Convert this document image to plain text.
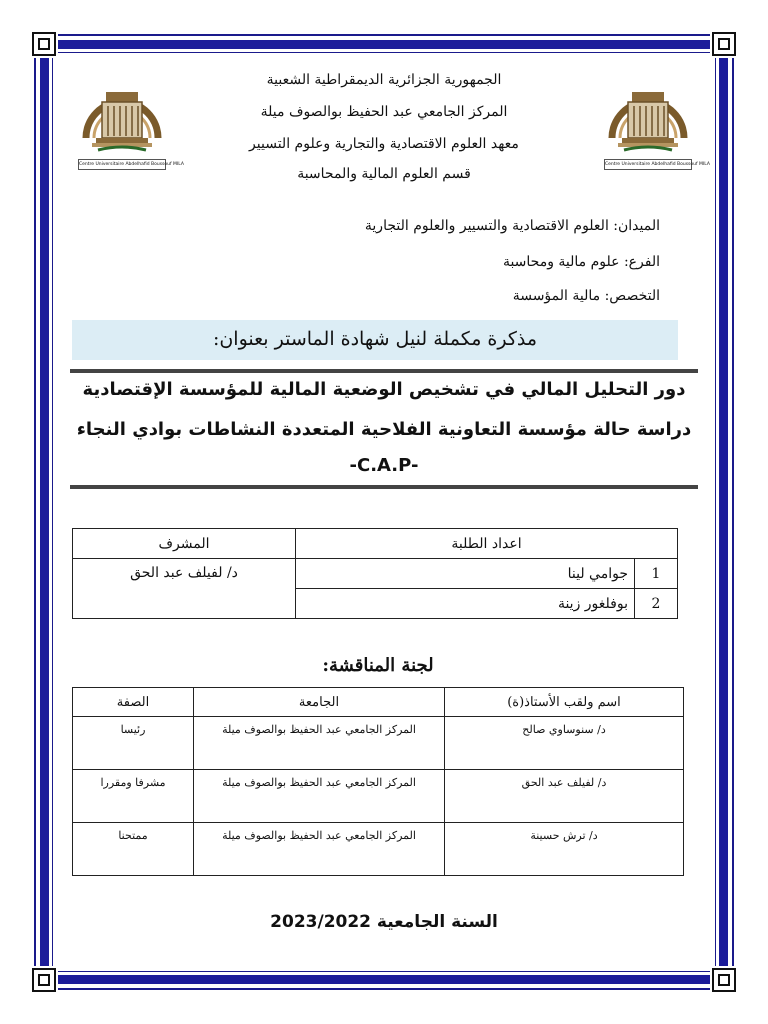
Centre Universitaire Abdelhafid Boussouf MILA	Centre Universitaire Abdelhafid Boussouf MILA
الجمهورية الجزائرية الديمقراطية الشعبية
المركز الجامعي عبد الحفيظ بوالصوف ميلة
معهد العلوم الاقتصادية والتجارية وعلوم التسيير
قسم العلوم المالية والمحاسبة
الميدان: العلوم الاقتصادية والتسيير والعلوم التجارية
الفرع: علوم مالية ومحاسبة
التخصص: مالية المؤسسة
مذكرة مكملة لنيل شهادة الماستر بعنوان:
دور التحليل المالي في تشخيص الوضعية المالية للمؤسسة الإقتصادية
دراسة حالة مؤسسة التعاونية الفلاحية المتعددة النشاطات بوادي النجاء
-C.A.P-
اعداد الطلبة		المشرف
1	جوامي لينا	د/ لفيلف عبد الحق
2	بوفلغور زينة	
لجنة المناقشة:
اسم ولقب الأستاذ(ة)	الجامعة	الصفة
د/ سنوساوي صالح	المركز الجامعي عبد الحفيظ بوالصوف ميلة	رئيسا
د/ لفيلف عبد الحق	المركز الجامعي عبد الحفيظ بوالصوف ميلة	مشرفا ومقررا
د/ ترش حسينة	المركز الجامعي عبد الحفيظ بوالصوف ميلة	ممتحنا
السنة الجامعية 2023/2022
